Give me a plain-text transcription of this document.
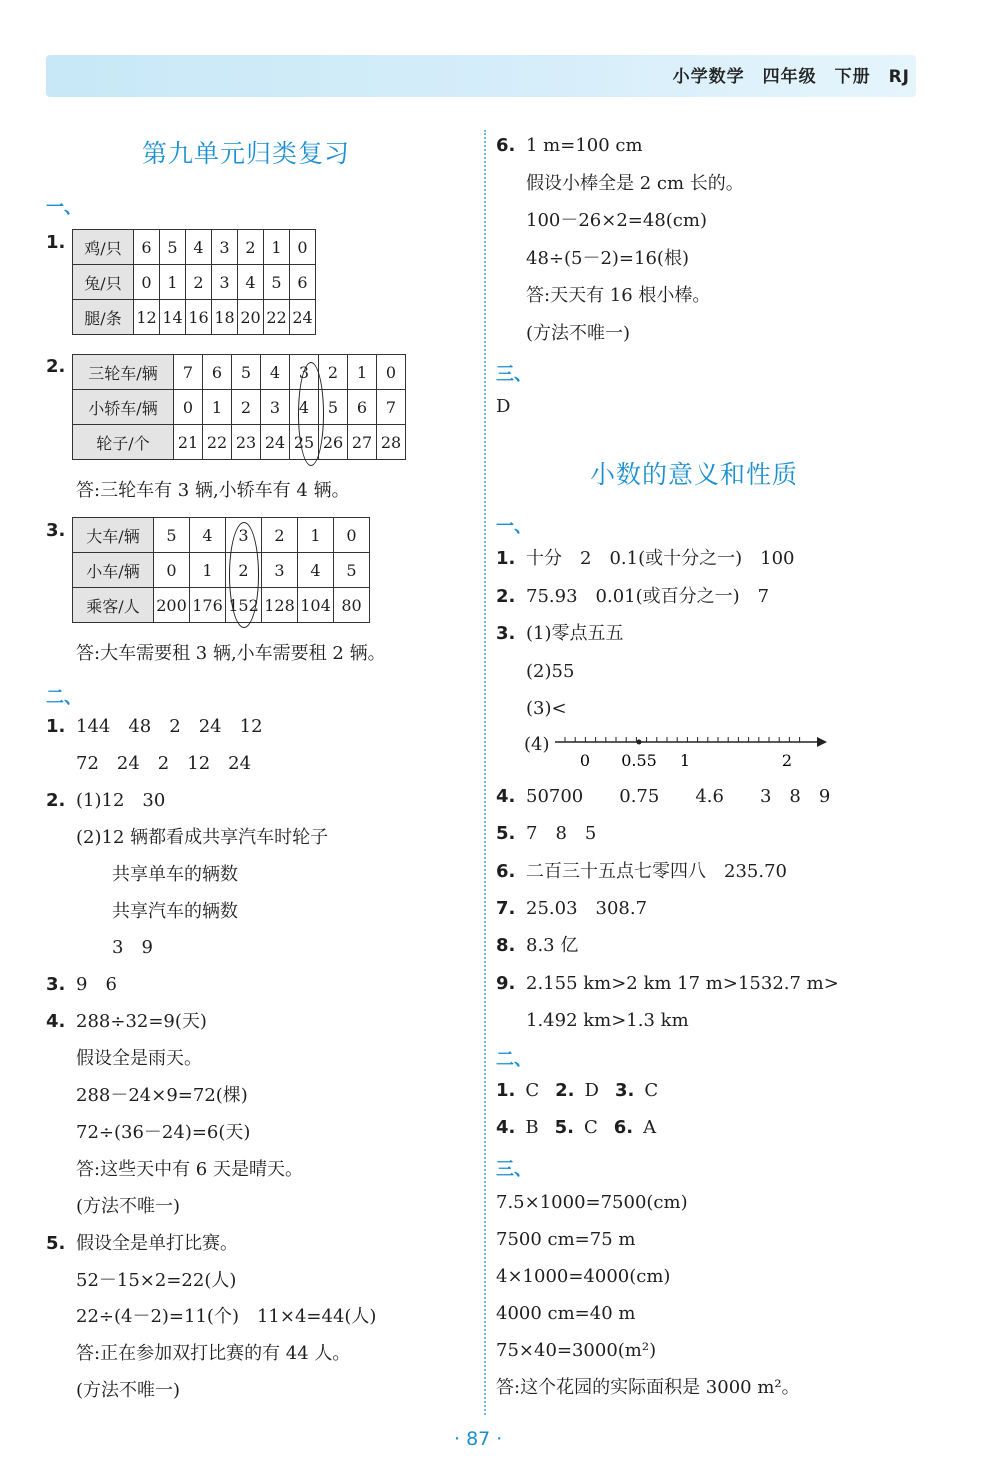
小学数学　四年级　下册　RJ
第九单元归类复习
一、
1.	鸡/只	6	5	4	3	2	1	0
兔/只	0	1	2	3	4	5	6
腿/条	12	14	16	18	20	22	24
2.	三轮车/辆	7	6	5	4	3	2	1	0
小轿车/辆	0	1	2	3	4	5	6	7
轮子/个	21	22	23	24	25	26	27	28
答:三轮车有 3 辆,小轿车有 4 辆。
3.	大车/辆	5	4	3	2	1	0
小车/辆	0	1	2	3	4	5
乘客/人	200	176	152	128	104	80
答:大车需要租 3 辆,小车需要租 2 辆。
二、
1. 144　48　2　24　12
72　24　2　12　24
2. (1)12　30
(2)12 辆都看成共享汽车时轮子
　　共享单车的辆数
　　共享汽车的辆数
　　3　9
3. 9　6
4. 288÷32=9(天)
假设全是雨天。
288－24×9=72(棵)
72÷(36－24)=6(天)
答:这些天中有 6 天是晴天。
(方法不唯一)
5. 假设全是单打比赛。
52－15×2=22(人)
22÷(4－2)=11(个)　11×4=44(人)
答:正在参加双打比赛的有 44 人。
(方法不唯一)
6. 1 m=100 cm
假设小棒全是 2 cm 长的。
100－26×2=48(cm)
48÷(5－2)=16(根)
答:天天有 16 根小棒。
(方法不唯一)
三、
D
小数的意义和性质
一、
1. 十分　2　0.1(或十分之一)　100
2. 75.93　0.01(或百分之一)　7
3. (1)零点五五
(2)55
(3)<
(4)
0 0.55 1	2
4. 50700　　0.75　　4.6　　3　8　9
5. 7　8　5
6. 二百三十五点七零四八　235.70
7. 25.03　308.7
8. 8.3 亿
9. 2.155 km>2 km 17 m>1532.7 m>
1.492 km>1.3 km
二、
1. C 2. D 3. C
4. B 5. C 6. A
三、
7.5×1000=7500(cm)
7500 cm=75 m
4×1000=4000(cm)
4000 cm=40 m
75×40=3000(m²)
答:这个花园的实际面积是 3000 m²。
· 87 ·
